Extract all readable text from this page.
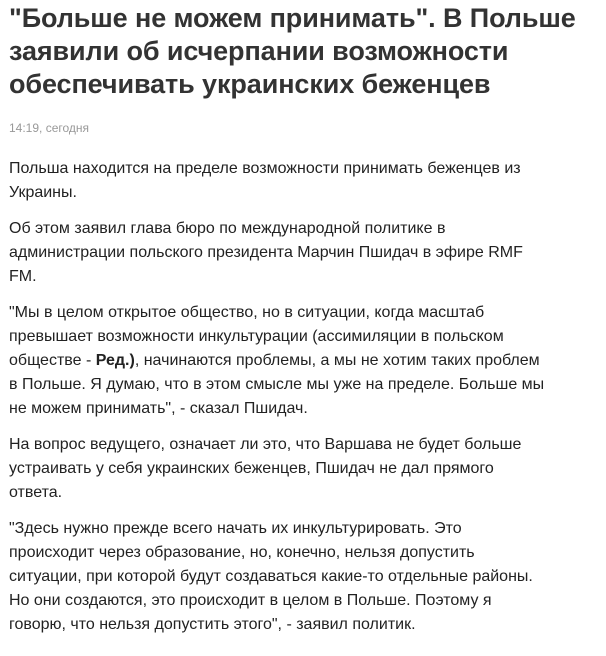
"Больше не можем принимать". В Польше
заявили об исчерпании возможности
обеспечивать украинских беженцев
14:19, сегодня

Польша находится на пределе возможности принимать беженцев из
Украины.

Об этом заявил глава бюро по международной политике в
администрации польского президента Марчин Пшидач в эфире RMF
FM.

"Мы в целом открытое общество, но в ситуации, когда масштаб
превышает возможности инкультурации (ассимиляции в польском
обществе - Ред.), начинаются проблемы, а мы не хотим таких проблем
в Польше. Я думаю, что в этом смысле мы уже на пределе. Больше мы
не можем принимать", - сказал Пшидач.

На вопрос ведущего, означает ли это, что Варшава не будет больше
устраивать у себя украинских беженцев, Пшидач не дал прямого
ответа.

"Здесь нужно прежде всего начать их инкультурировать. Это
происходит через образование, но, конечно, нельзя допустить
ситуации, при которой будут создаваться какие-то отдельные районы.
Но они создаются, это происходит в целом в Польше. Поэтому я
говорю, что нельзя допустить этого", - заявил политик.
